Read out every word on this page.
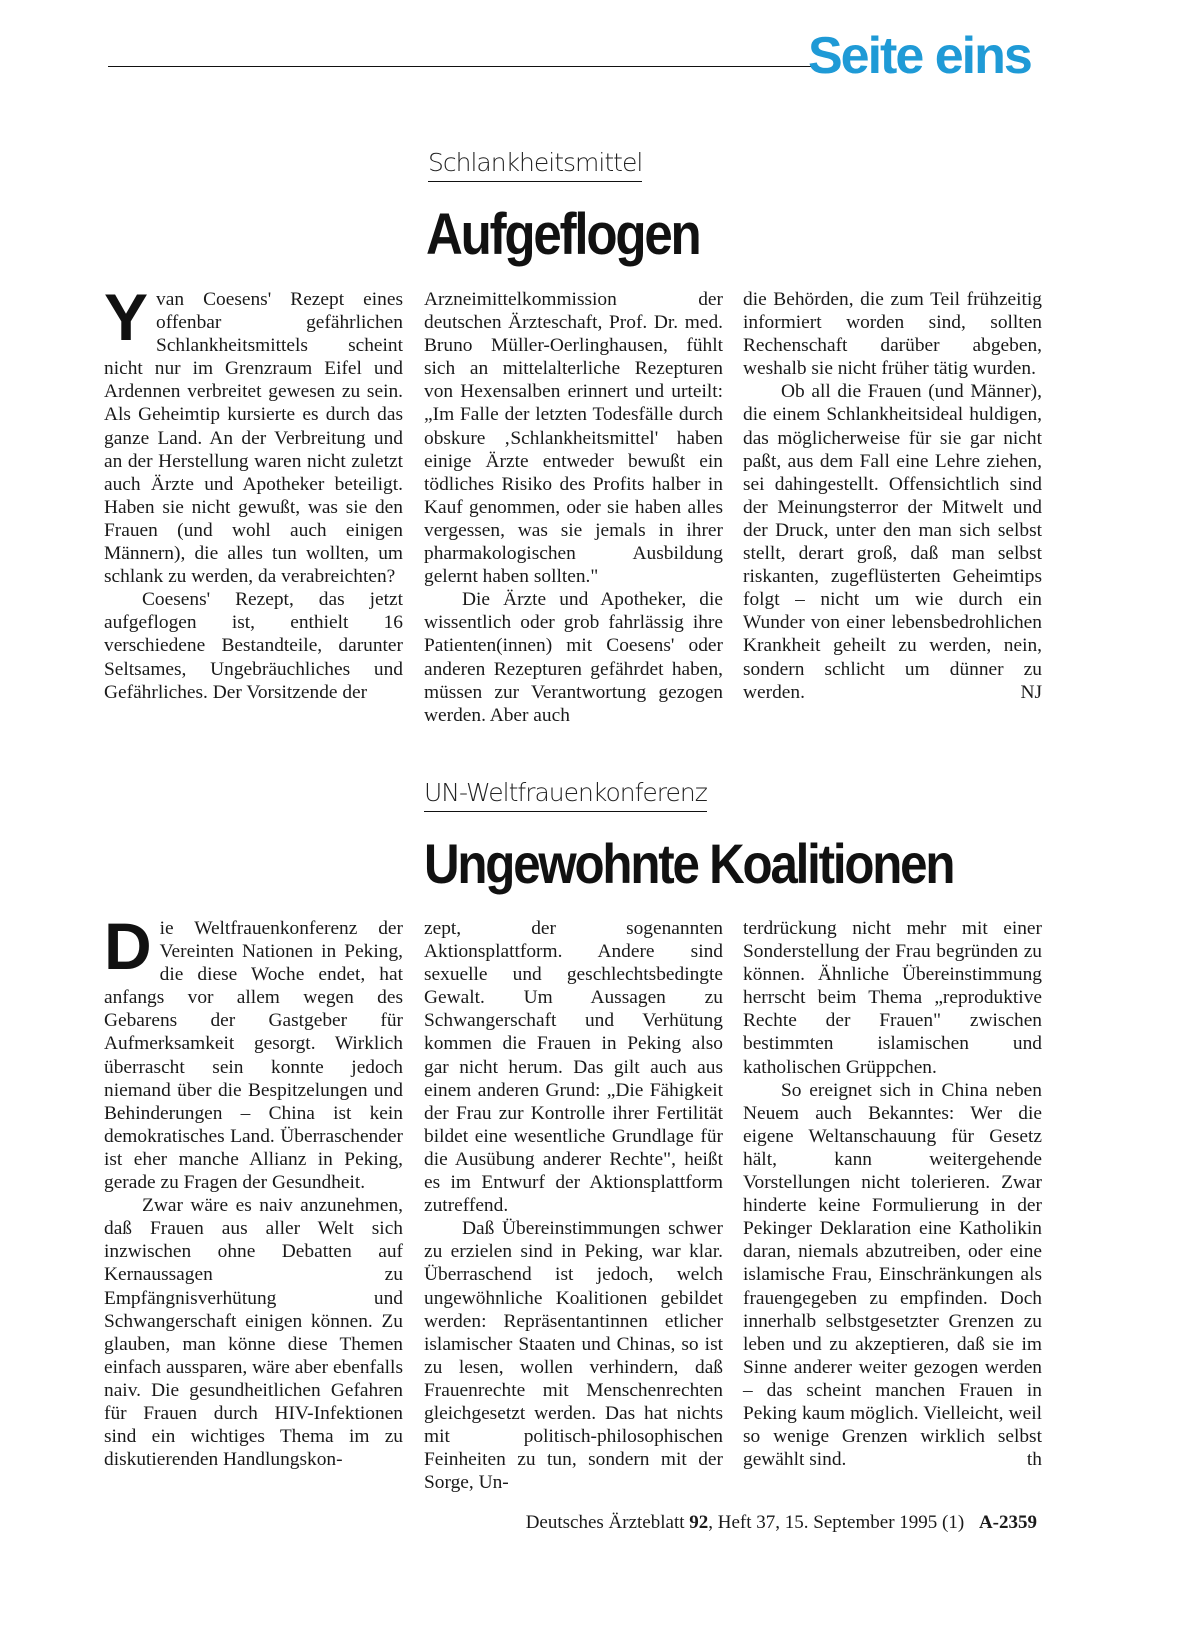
Seite eins
Schlankheitsmittel
Aufgeflogen

Yvan Coesens' Rezept eines offenbar gefährlichen Schlankheitsmittels scheint nicht nur im Grenzraum Eifel und Ardennen verbreitet gewesen zu sein. Als Geheimtip kursierte es durch das ganze Land. An der Verbreitung und an der Herstellung waren nicht zuletzt auch Ärzte und Apotheker beteiligt. Haben sie nicht gewußt, was sie den Frauen (und wohl auch einigen Männern), die alles tun wollten, um schlank zu werden, da verabreichten?

Coesens' Rezept, das jetzt aufgeflogen ist, enthielt 16 verschiedene Bestandteile, darunter Seltsames, Ungebräuchliches und Gefährliches. Der Vorsitzende der

Arzneimittelkommission der deutschen Ärzteschaft, Prof. Dr. med. Bruno Müller-Oerlinghausen, fühlt sich an mittelalterliche Rezepturen von Hexensalben erinnert und urteilt: „Im Falle der letzten Todesfälle durch obskure ‚Schlankheitsmittel' haben einige Ärzte entweder bewußt ein tödliches Risiko des Profits halber in Kauf genommen, oder sie haben alles vergessen, was sie jemals in ihrer pharmakologischen Ausbildung gelernt haben sollten."

Die Ärzte und Apotheker, die wissentlich oder grob fahrlässig ihre Patienten(innen) mit Coesens' oder anderen Rezepturen gefährdet haben, müssen zur Verantwortung gezogen werden. Aber auch

die Behörden, die zum Teil frühzeitig informiert worden sind, sollten Rechenschaft darüber abgeben, weshalb sie nicht früher tätig wurden.

Ob all die Frauen (und Männer), die einem Schlankheitsideal huldigen, das möglicherweise für sie gar nicht paßt, aus dem Fall eine Lehre ziehen, sei dahingestellt. Offensichtlich sind der Meinungsterror der Mitwelt und der Druck, unter den man sich selbst stellt, derart groß, daß man selbst riskanten, zugeflüsterten Geheimtips folgt – nicht um wie durch ein Wunder von einer lebensbedrohlichen Krankheit geheilt zu werden, nein, sondern schlicht um dünner zu werden.	NJ

UN-Weltfrauenkonferenz
Ungewohnte Koalitionen

Die Weltfrauenkonferenz der Vereinten Nationen in Peking, die diese Woche endet, hat anfangs vor allem wegen des Gebarens der Gastgeber für Aufmerksamkeit gesorgt. Wirklich überrascht sein konnte jedoch niemand über die Bespitzelungen und Behinderungen – China ist kein demokratisches Land. Überraschender ist eher manche Allianz in Peking, gerade zu Fragen der Gesundheit.

Zwar wäre es naiv anzunehmen, daß Frauen aus aller Welt sich inzwischen ohne Debatten auf Kernaussagen zu Empfängnisverhütung und Schwangerschaft einigen können. Zu glauben, man könne diese Themen einfach aussparen, wäre aber ebenfalls naiv. Die gesundheitlichen Gefahren für Frauen durch HIV-Infektionen sind ein wichtiges Thema im zu diskutierenden Handlungskon-

zept, der sogenannten Aktionsplattform. Andere sind sexuelle und geschlechtsbedingte Gewalt. Um Aussagen zu Schwangerschaft und Verhütung kommen die Frauen in Peking also gar nicht herum. Das gilt auch aus einem anderen Grund: „Die Fähigkeit der Frau zur Kontrolle ihrer Fertilität bildet eine wesentliche Grundlage für die Ausübung anderer Rechte", heißt es im Entwurf der Aktionsplattform zutreffend.

Daß Übereinstimmungen schwer zu erzielen sind in Peking, war klar. Überraschend ist jedoch, welch ungewöhnliche Koalitionen gebildet werden: Repräsentantinnen etlicher islamischer Staaten und Chinas, so ist zu lesen, wollen verhindern, daß Frauenrechte mit Menschenrechten gleichgesetzt werden. Das hat nichts mit politisch-philosophischen Feinheiten zu tun, sondern mit der Sorge, Un-

terdrückung nicht mehr mit einer Sonderstellung der Frau begründen zu können. Ähnliche Übereinstimmung herrscht beim Thema „reproduktive Rechte der Frauen" zwischen bestimmten islamischen und katholischen Grüppchen.

So ereignet sich in China neben Neuem auch Bekanntes: Wer die eigene Weltanschauung für Gesetz hält, kann weitergehende Vorstellungen nicht tolerieren. Zwar hinderte keine Formulierung in der Pekinger Deklaration eine Katholikin daran, niemals abzutreiben, oder eine islamische Frau, Einschränkungen als frauengegeben zu empfinden. Doch innerhalb selbstgesetzter Grenzen zu leben und zu akzeptieren, daß sie im Sinne anderer weiter gezogen werden – das scheint manchen Frauen in Peking kaum möglich. Vielleicht, weil so wenige Grenzen wirklich selbst gewählt sind.	th

Deutsches Ärzteblatt 92, Heft 37, 15. September 1995 (1) A-2359
